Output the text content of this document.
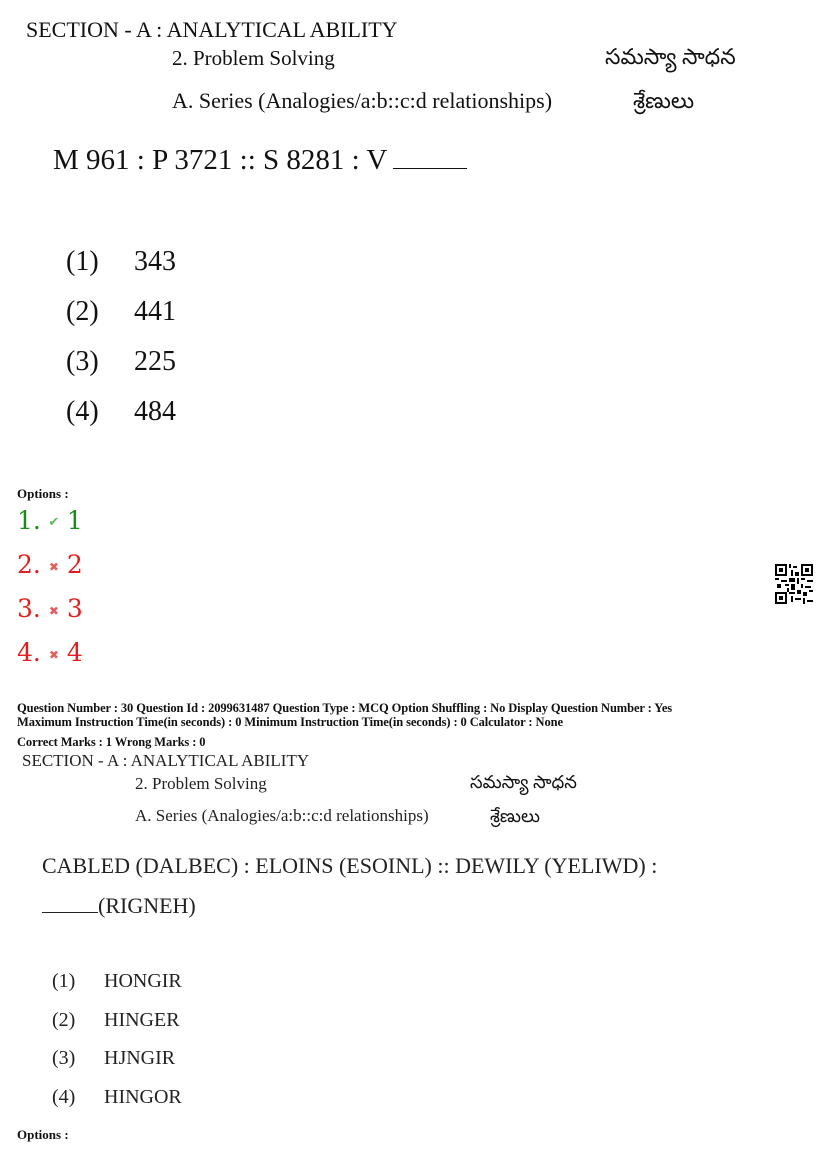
SECTION - A : ANALYTICAL ABILITY
2. Problem Solving	సమస్యా సాధన
A. Series (Analogies/a:b::c:d relationships)	శ్రేణులు
M 961 : P 3721 :: S 8281 : V
(1) 343
(2) 441
(3) 225
(4) 484
Options :
1. ✔ 1
2. ✖ 2
3. ✖ 3
4. ✖ 4
Question Number : 30 Question Id : 2099631487 Question Type : MCQ Option Shuffling : No Display Question Number : Yes
Maximum Instruction Time(in seconds) : 0 Minimum Instruction Time(in seconds) : 0 Calculator : None
Correct Marks : 1 Wrong Marks : 0
SECTION - A : ANALYTICAL ABILITY
2. Problem Solving	సమస్యా సాధన
A. Series (Analogies/a:b::c:d relationships)	శ్రేణులు
CABLED (DALBEC) : ELOINS (ESOINL) :: DEWILY (YELIWD) :
(RIGNEH)
(1) HONGIR
(2) HINGER
(3) HJNGIR
(4) HINGOR
Options :
